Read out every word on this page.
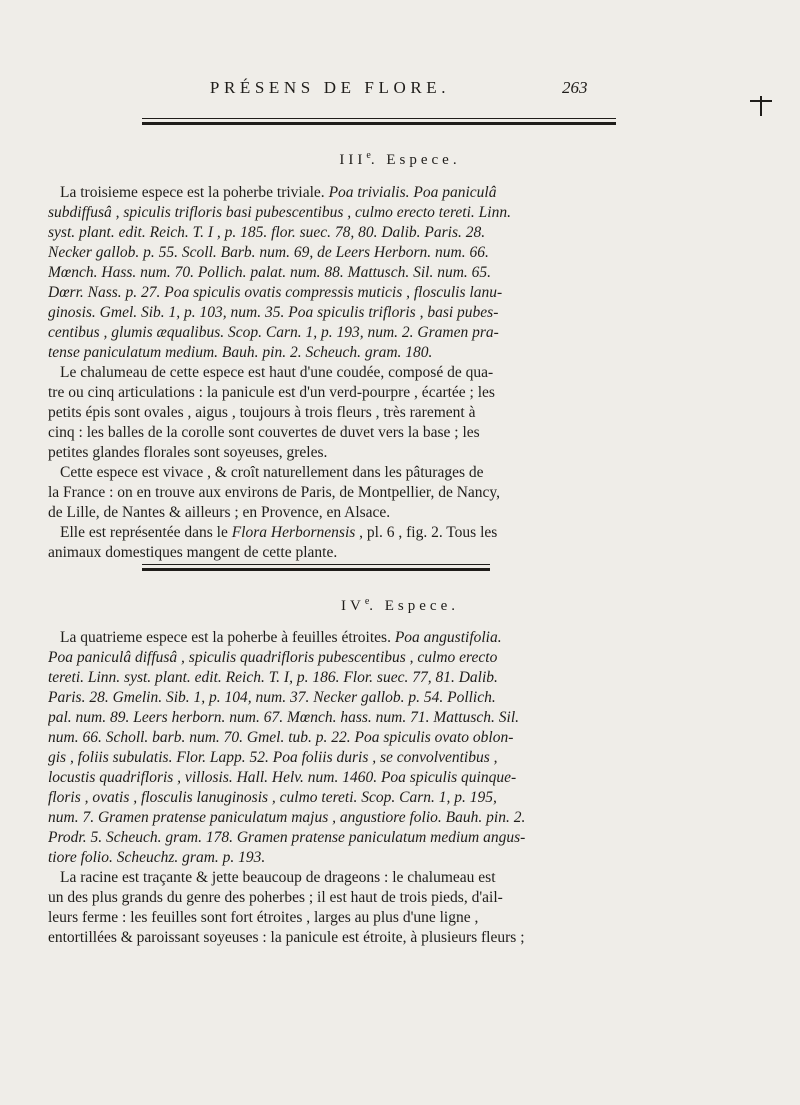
PRÉSENS DE FLORE.	263
IIIe. Espece.
La troisieme espece est la poherbe triviale. Poa trivialis. Poa paniculâ
subdiffusâ , spiculis trifloris basi pubescentibus , culmo erecto tereti. Linn.
syst. plant. edit. Reich. T. I , p. 185. flor. suec. 78, 80. Dalib. Paris. 28.
Necker gallob. p. 55. Scoll. Barb. num. 69, de Leers Herborn. num. 66.
Mœnch. Hass. num. 70. Pollich. palat. num. 88. Mattusch. Sil. num. 65.
Dœrr. Nass. p. 27. Poa spiculis ovatis compressis muticis , flosculis lanu-
ginosis. Gmel. Sib. 1, p. 103, num. 35. Poa spiculis trifloris , basi pubes-
centibus , glumis æqualibus. Scop. Carn. 1, p. 193, num. 2. Gramen pra-
tense paniculatum medium. Bauh. pin. 2. Scheuch. gram. 180.
Le chalumeau de cette espece est haut d'une coudée, composé de qua-
tre ou cinq articulations : la panicule est d'un verd-pourpre , écartée ; les
petits épis sont ovales , aigus , toujours à trois fleurs , très rarement à
cinq : les balles de la corolle sont couvertes de duvet vers la base ; les
petites glandes florales sont soyeuses, greles.
Cette espece est vivace , & croît naturellement dans les pâturages de
la France : on en trouve aux environs de Paris, de Montpellier, de Nancy,
de Lille, de Nantes & ailleurs ; en Provence, en Alsace.
Elle est représentée dans le Flora Herbornensis , pl. 6 , fig. 2. Tous les
animaux domestiques mangent de cette plante.
IVe. Espece.
La quatrieme espece est la poherbe à feuilles étroites. Poa angustifolia.
Poa paniculâ diffusâ , spiculis quadrifloris pubescentibus , culmo erecto
tereti. Linn. syst. plant. edit. Reich. T. I, p. 186. Flor. suec. 77, 81. Dalib.
Paris. 28. Gmelin. Sib. 1, p. 104, num. 37. Necker gallob. p. 54. Pollich.
pal. num. 89. Leers herborn. num. 67. Mœnch. hass. num. 71. Mattusch. Sil.
num. 66. Scholl. barb. num. 70. Gmel. tub. p. 22. Poa spiculis ovato oblon-
gis , foliis subulatis. Flor. Lapp. 52. Poa foliis duris , se convolventibus ,
locustis quadrifloris , villosis. Hall. Helv. num. 1460. Poa spiculis quinque-
floris , ovatis , flosculis lanuginosis , culmo tereti. Scop. Carn. 1, p. 195,
num. 7. Gramen pratense paniculatum majus , angustiore folio. Bauh. pin. 2.
Prodr. 5. Scheuch. gram. 178. Gramen pratense paniculatum medium angus-
tiore folio. Scheuchz. gram. p. 193.
La racine est traçante & jette beaucoup de drageons : le chalumeau est
un des plus grands du genre des poherbes ; il est haut de trois pieds, d'ail-
leurs ferme : les feuilles sont fort étroites , larges au plus d'une ligne ,
entortillées & paroissant soyeuses : la panicule est étroite, à plusieurs fleurs ;
